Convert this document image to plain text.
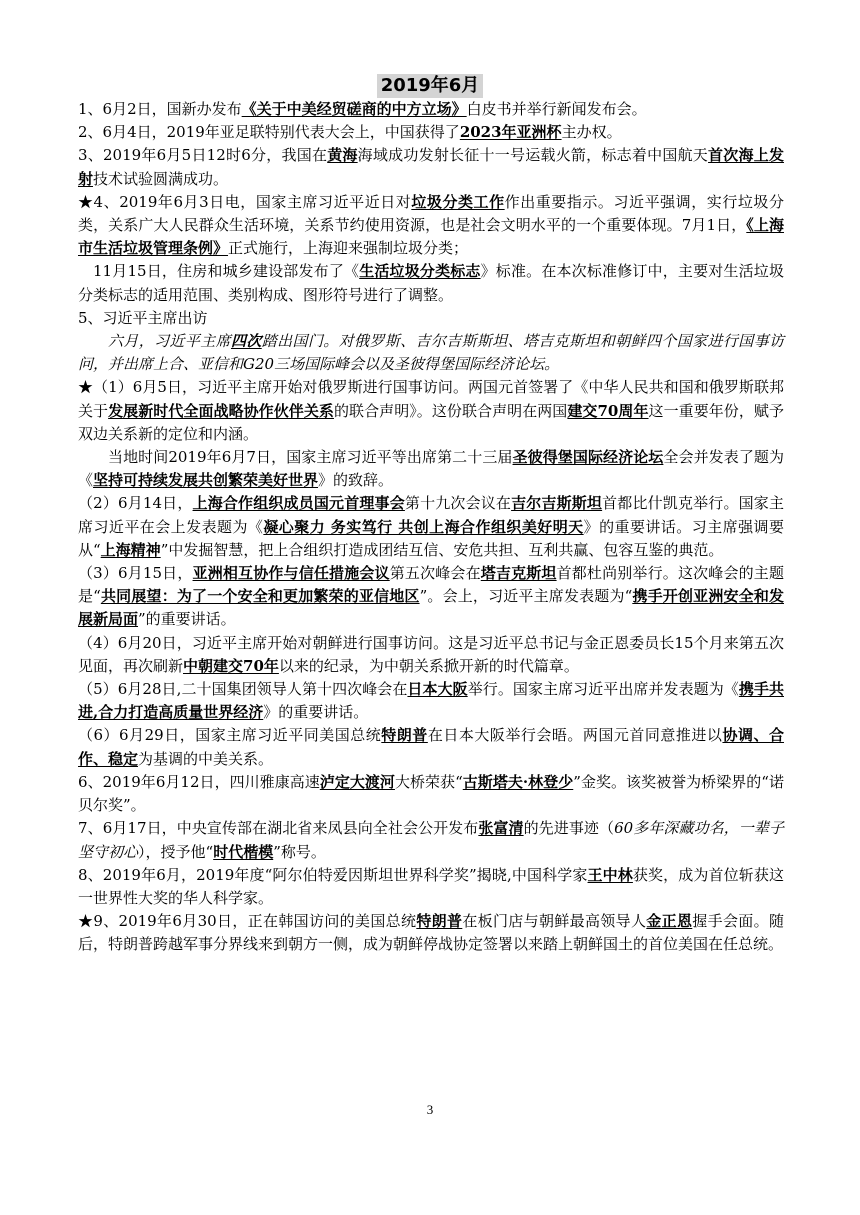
2019年6月

1、6月2日，国新办发布《关于中美经贸磋商的中方立场》白皮书并举行新闻发布会。

2、6月4日，2019年亚足联特别代表大会上，中国获得了2023年亚洲杯主办权。

3、2019年6月5日12时6分，我国在黄海海域成功发射长征十一号运载火箭，标志着中国航天首次海上发射技术试验圆满成功。

★4、2019年6月3日电，国家主席习近平近日对垃圾分类工作作出重要指示。习近平强调，实行垃圾分类，关系广大人民群众生活环境，关系节约使用资源，也是社会文明水平的一个重要体现。7月1日，《上海市生活垃圾管理条例》正式施行，上海迎来强制垃圾分类；

11月15日，住房和城乡建设部发布了《生活垃圾分类标志》标准。在本次标准修订中，主要对生活垃圾分类标志的适用范围、类别构成、图形符号进行了调整。

5、习近平主席出访

六月，习近平主席四次踏出国门。对俄罗斯、吉尔吉斯斯坦、塔吉克斯坦和朝鲜四个国家进行国事访问，并出席上合、亚信和G20三场国际峰会以及圣彼得堡国际经济论坛。

★（1）6月5日，习近平主席开始对俄罗斯进行国事访问。两国元首签署了《中华人民共和国和俄罗斯联邦关于发展新时代全面战略协作伙伴关系的联合声明》。这份联合声明在两国建交70周年这一重要年份，赋予双边关系新的定位和内涵。

当地时间2019年6月7日，国家主席习近平等出席第二十三届圣彼得堡国际经济论坛全会并发表了题为《坚持可持续发展共创繁荣美好世界》的致辞。

（2）6月14日，上海合作组织成员国元首理事会第十九次会议在吉尔吉斯斯坦首都比什凯克举行。国家主席习近平在会上发表题为《凝心聚力 务实笃行 共创上海合作组织美好明天》的重要讲话。习主席强调要从“上海精神”中发掘智慧，把上合组织打造成团结互信、安危共担、互利共赢、包容互鉴的典范。

（3）6月15日，亚洲相互协作与信任措施会议第五次峰会在塔吉克斯坦首都杜尚别举行。这次峰会的主题是“共同展望：为了一个安全和更加繁荣的亚信地区”。会上，习近平主席发表题为“携手开创亚洲安全和发展新局面”的重要讲话。

（4）6月20日，习近平主席开始对朝鲜进行国事访问。这是习近平总书记与金正恩委员长15个月来第五次见面，再次刷新中朝建交70年以来的纪录，为中朝关系掀开新的时代篇章。

（5）6月28日,二十国集团领导人第十四次峰会在日本大阪举行。国家主席习近平出席并发表题为《携手共进,合力打造高质量世界经济》的重要讲话。

（6）6月29日，国家主席习近平同美国总统特朗普在日本大阪举行会晤。两国元首同意推进以协调、合作、稳定为基调的中美关系。

6、2019年6月12日，四川雅康高速泸定大渡河大桥荣获“古斯塔夫·林登少”金奖。该奖被誉为桥梁界的“诺贝尔奖”。

7、6月17日，中央宣传部在湖北省来凤县向全社会公开发布张富清的先进事迹（60多年深藏功名，一辈子坚守初心），授予他“时代楷模”称号。

8、2019年6月，2019年度“阿尔伯特爱因斯坦世界科学奖”揭晓,中国科学家王中林获奖，成为首位斩获这一世界性大奖的华人科学家。

★9、2019年6月30日，正在韩国访问的美国总统特朗普在板门店与朝鲜最高领导人金正恩握手会面。随后，特朗普跨越军事分界线来到朝方一侧，成为朝鲜停战协定签署以来踏上朝鲜国土的首位美国在任总统。

3
